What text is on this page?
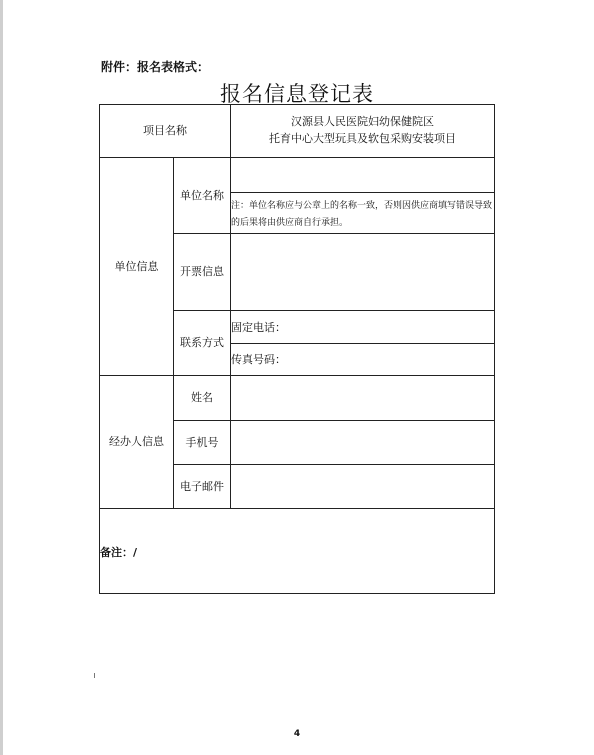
附件：报名表格式：
报名信息登记表
项目名称
汉源县人民医院妇幼保健院区
托育中心大型玩具及软包采购安装项目
单位信息
单位名称
注：单位名称应与公章上的名称一致，否则因供应商填写错误导致的后果将由供应商自行承担。
开票信息
联系方式
固定电话：
传真号码：
经办人信息
姓名
手机号
电子邮件
备注：/
4
